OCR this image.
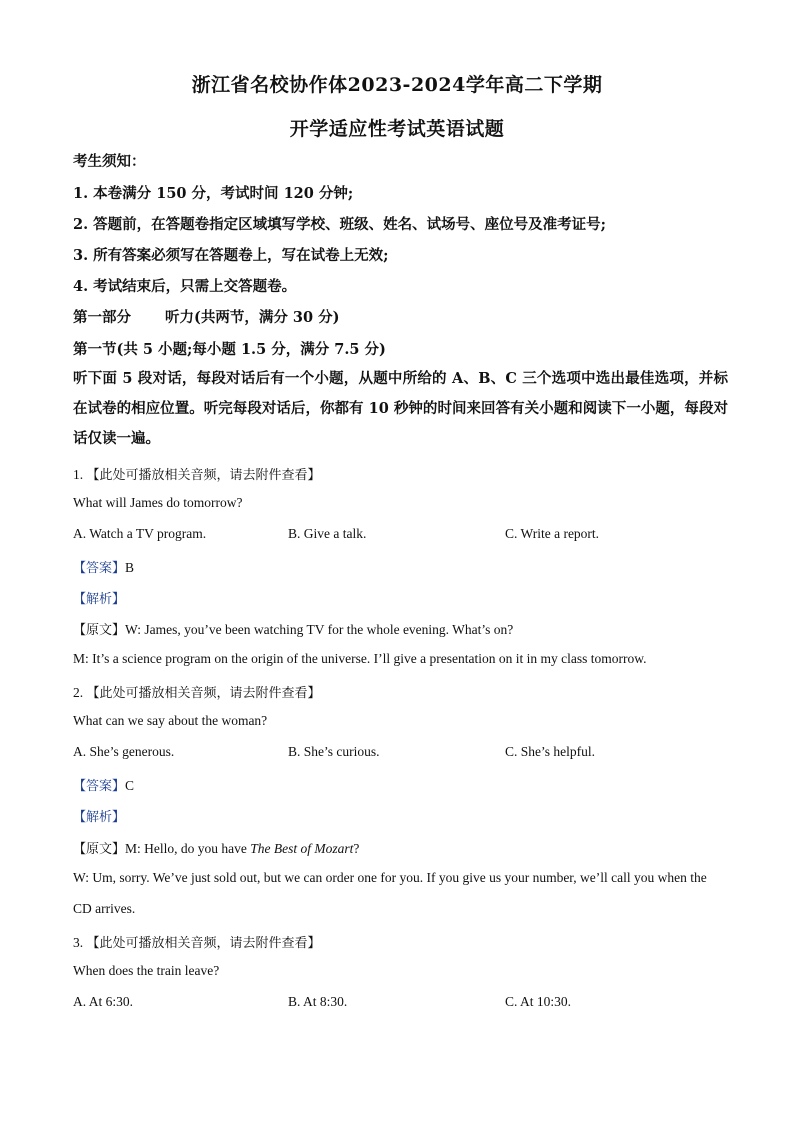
浙江省名校协作体2023-2024学年高二下学期
开学适应性考试英语试题
考生须知：
1. 本卷满分 150 分，考试时间 120 分钟;
2. 答题前，在答题卷指定区域填写学校、班级、姓名、试场号、座位号及准考证号;
3. 所有答案必须写在答题卷上，写在试卷上无效;
4. 考试结束后，只需上交答题卷。
第一部分 听力(共两节，满分 30 分)
第一节(共 5 小题;每小题 1.5 分，满分 7.5 分)
听下面 5 段对话，每段对话后有一个小题，从题中所给的 A、B、C 三个选项中选出最佳选项，并标在试卷的相应位置。听完每段对话后，你都有 10 秒钟的时间来回答有关小题和阅读下一小题，每段对话仅读一遍。
1. 【此处可播放相关音频，请去附件查看】
What will James do tomorrow?
A. Watch a TV program.	B. Give a talk.	C. Write a report.
【答案】B
【解析】
【原文】W: James, you’ve been watching TV for the whole evening. What’s on?
M: It’s a science program on the origin of the universe. I’ll give a presentation on it in my class tomorrow.
2. 【此处可播放相关音频，请去附件查看】
What can we say about the woman?
A. She’s generous.	B. She’s curious.	C. She’s helpful.
【答案】C
【解析】
【原文】M: Hello, do you have The Best of Mozart?
W: Um, sorry. We’ve just sold out, but we can order one for you. If you give us your number, we’ll call you when the CD arrives.
3. 【此处可播放相关音频，请去附件查看】
When does the train leave?
A. At 6:30.	B. At 8:30.	C. At 10:30.
